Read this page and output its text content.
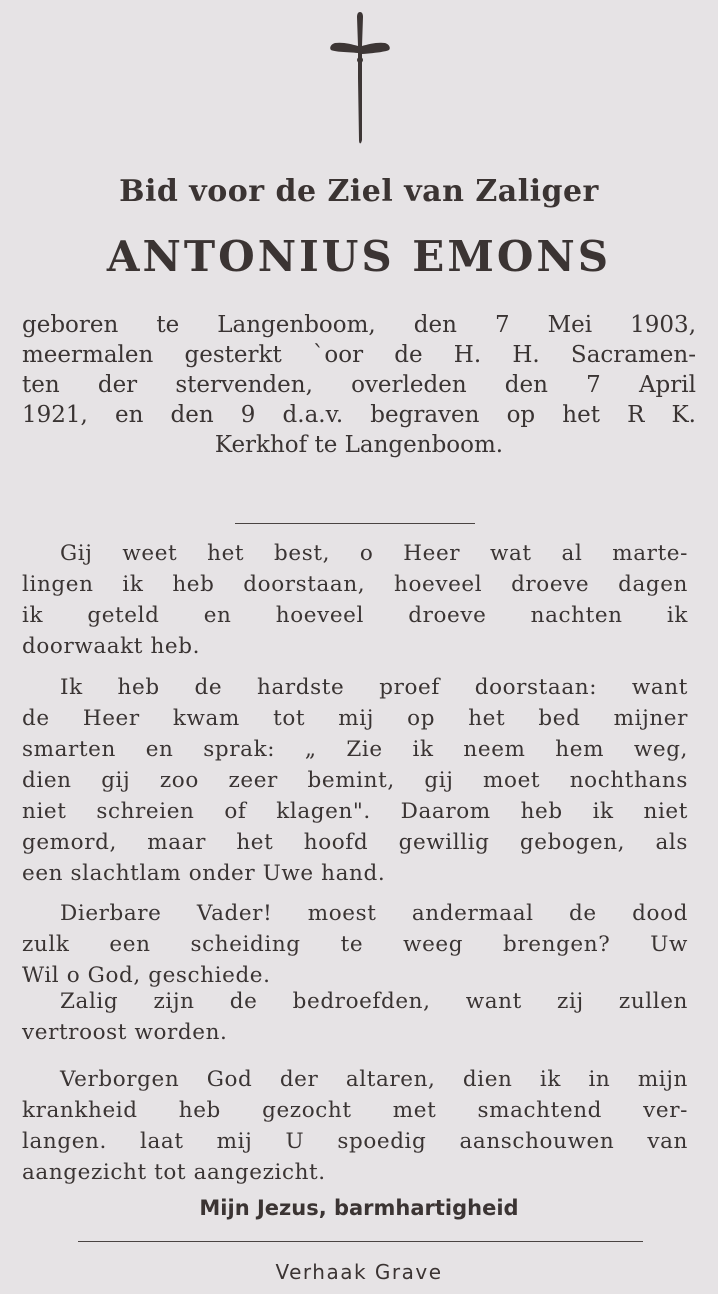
Bid voor de Ziel van Zaliger
ANTONIUS EMONS
geboren te Langenboom, den 7 Mei 1903,
meermalen gesterkt `oor de H. H. Sacramen-
ten der stervenden, overleden den 7 April
1921, en den 9 d.a.v. begraven op het R K.
Kerkhof te Langenboom.
Gij weet het best, o Heer wat al marte-
lingen ik heb doorstaan, hoeveel droeve dagen
ik geteld en hoeveel droeve nachten ik
doorwaakt heb.
Ik heb de hardste proef doorstaan: want
de Heer kwam tot mij op het bed mijner
smarten en sprak: „ Zie ik neem hem weg,
dien gij zoo zeer bemint, gij moet nochthans
niet schreien of klagen". Daarom heb ik niet
gemord, maar het hoofd gewillig gebogen, als
een slachtlam onder Uwe hand.
Dierbare Vader! moest andermaal de dood
zulk een scheiding te weeg brengen? Uw
Wil o God, geschiede.
Zalig zijn de bedroefden, want zij zullen
vertroost worden.
Verborgen God der altaren, dien ik in mijn
krankheid heb gezocht met smachtend ver-
langen. laat mij U spoedig aanschouwen van
aangezicht tot aangezicht.
Mijn Jezus, barmhartigheid
Verhaak Grave
